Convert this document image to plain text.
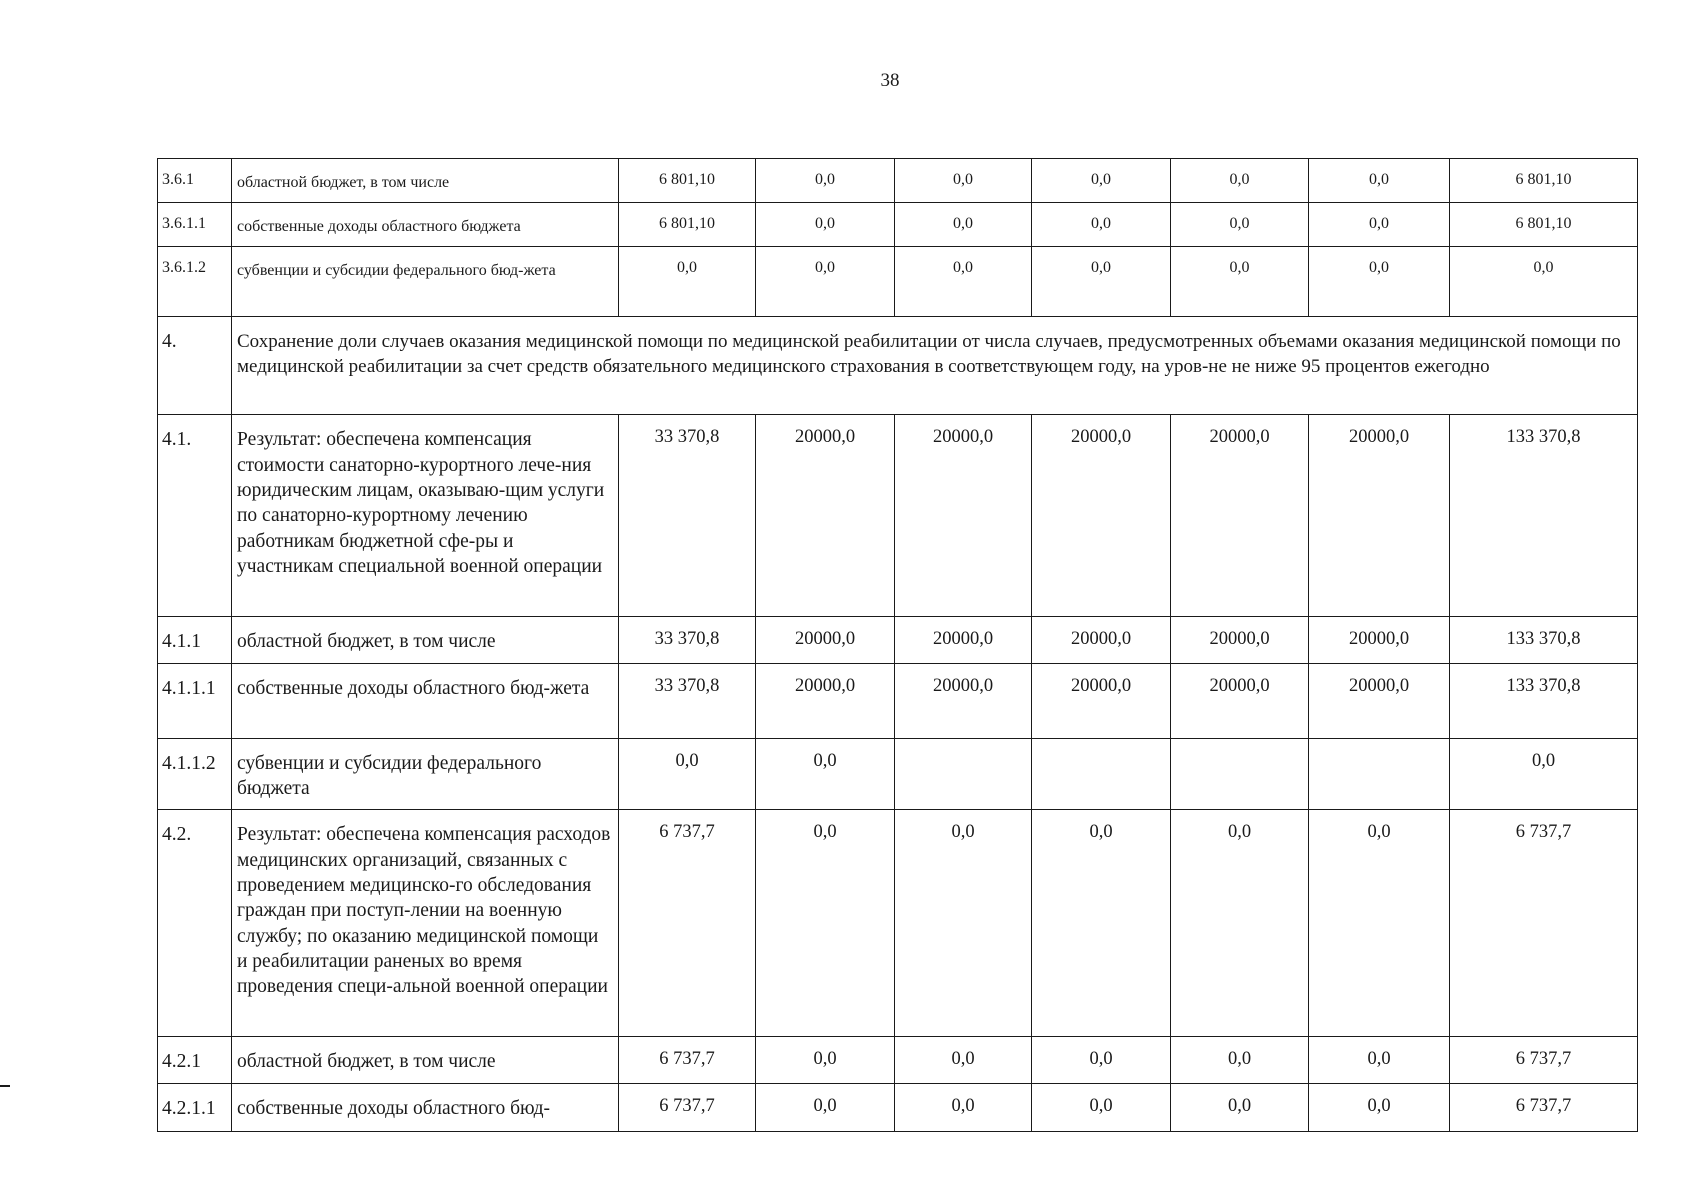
38
3.6.1	областной бюджет, в том числе	6 801,10	0,0	0,0	0,0	0,0	0,0	6 801,10
3.6.1.1	собственные доходы областного бюджета	6 801,10	0,0	0,0	0,0	0,0	0,0	6 801,10
3.6.1.2	субвенции и субсидии федерального бюд-жета	0,0	0,0	0,0	0,0	0,0	0,0	0,0
4.	Сохранение доли случаев оказания медицинской помощи по медицинской реабилитации от числа случаев, предусмотренных объемами оказания медицинской помощи по медицинской реабилитации за счет средств обязательного медицинского страхования в соответствующем году, на уров-не не ниже 95 процентов ежегодно							
4.1.	Результат: обеспечена компенсация стоимости санаторно-курортного лече-ния юридическим лицам, оказываю-щим услуги по санаторно-курортному лечению работникам бюджетной сфе-ры и участникам специальной военной операции	33 370,8	20000,0	20000,0	20000,0	20000,0	20000,0	133 370,8
4.1.1	областной бюджет, в том числе	33 370,8	20000,0	20000,0	20000,0	20000,0	20000,0	133 370,8
4.1.1.1	собственные доходы областного бюд-жета	33 370,8	20000,0	20000,0	20000,0	20000,0	20000,0	133 370,8
4.1.1.2	субвенции и субсидии федерального бюджета	0,0	0,0					0,0
4.2.	Результат: обеспечена компенсация расходов медицинских организаций, связанных с проведением медицинско-го обследования граждан при поступ-лении на военную службу; по оказанию медицинской помощи и реабилитации раненых во время проведения специ-альной военной операции	6 737,7	0,0	0,0	0,0	0,0	0,0	6 737,7
4.2.1	областной бюджет, в том числе	6 737,7	0,0	0,0	0,0	0,0	0,0	6 737,7
4.2.1.1	собственные доходы областного бюд-	6 737,7	0,0	0,0	0,0	0,0	0,0	6 737,7
